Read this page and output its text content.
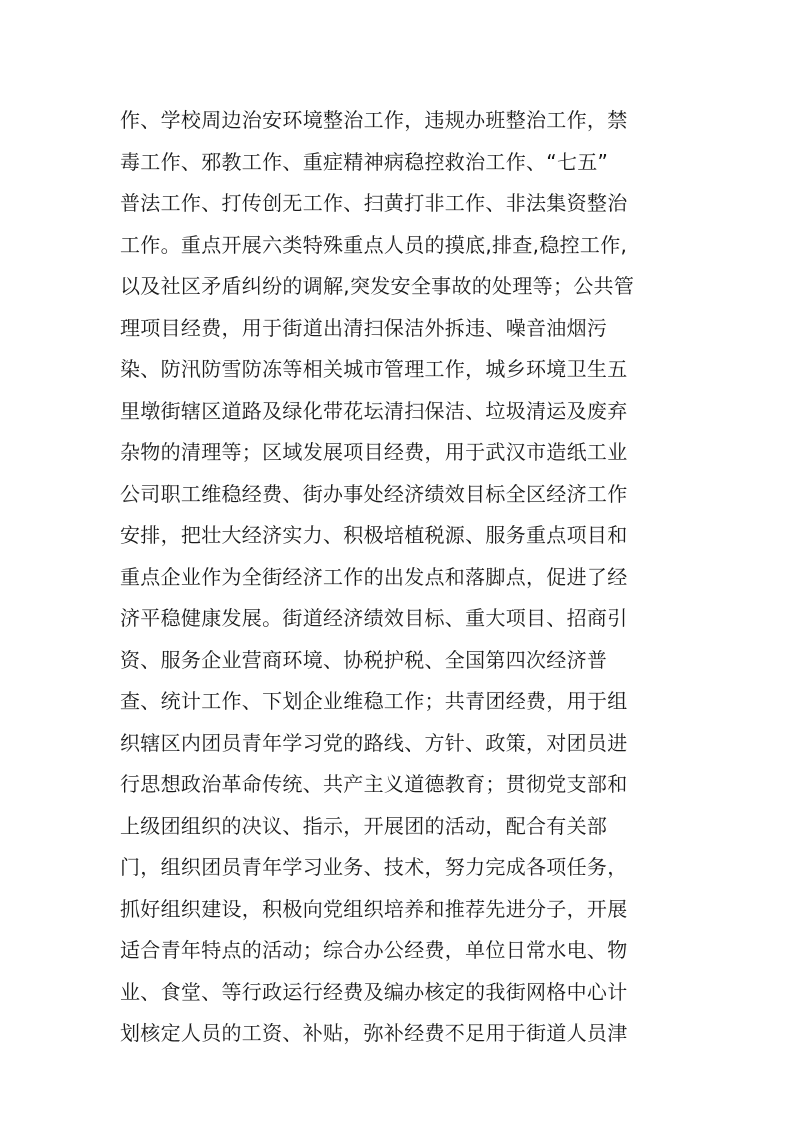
作、学校周边治安环境整治工作，违规办班整治工作，禁
毒工作、邪教工作、重症精神病稳控救治工作、“七五”
普法工作、打传创无工作、扫黄打非工作、非法集资整治
工作。重点开展六类特殊重点人员的摸底,排查,稳控工作,
以及社区矛盾纠纷的调解,突发安全事故的处理等；公共管
理项目经费，用于街道出清扫保洁外拆违、噪音油烟污
染、防汛防雪防冻等相关城市管理工作，城乡环境卫生五
里墩街辖区道路及绿化带花坛清扫保洁、垃圾清运及废弃
杂物的清理等；区域发展项目经费，用于武汉市造纸工业
公司职工维稳经费、街办事处经济绩效目标全区经济工作
安排，把壮大经济实力、积极培植税源、服务重点项目和
重点企业作为全街经济工作的出发点和落脚点，促进了经
济平稳健康发展。街道经济绩效目标、重大项目、招商引
资、服务企业营商环境、协税护税、全国第四次经济普
查、统计工作、下划企业维稳工作；共青团经费，用于组
织辖区内团员青年学习党的路线、方针、政策，对团员进
行思想政治革命传统、共产主义道德教育；贯彻党支部和
上级团组织的决议、指示，开展团的活动，配合有关部
门，组织团员青年学习业务、技术，努力完成各项任务，
抓好组织建设，积极向党组织培养和推荐先进分子，开展
适合青年特点的活动；综合办公经费，单位日常水电、物
业、食堂、等行政运行经费及编办核定的我街网格中心计
划核定人员的工资、补贴，弥补经费不足用于街道人员津
